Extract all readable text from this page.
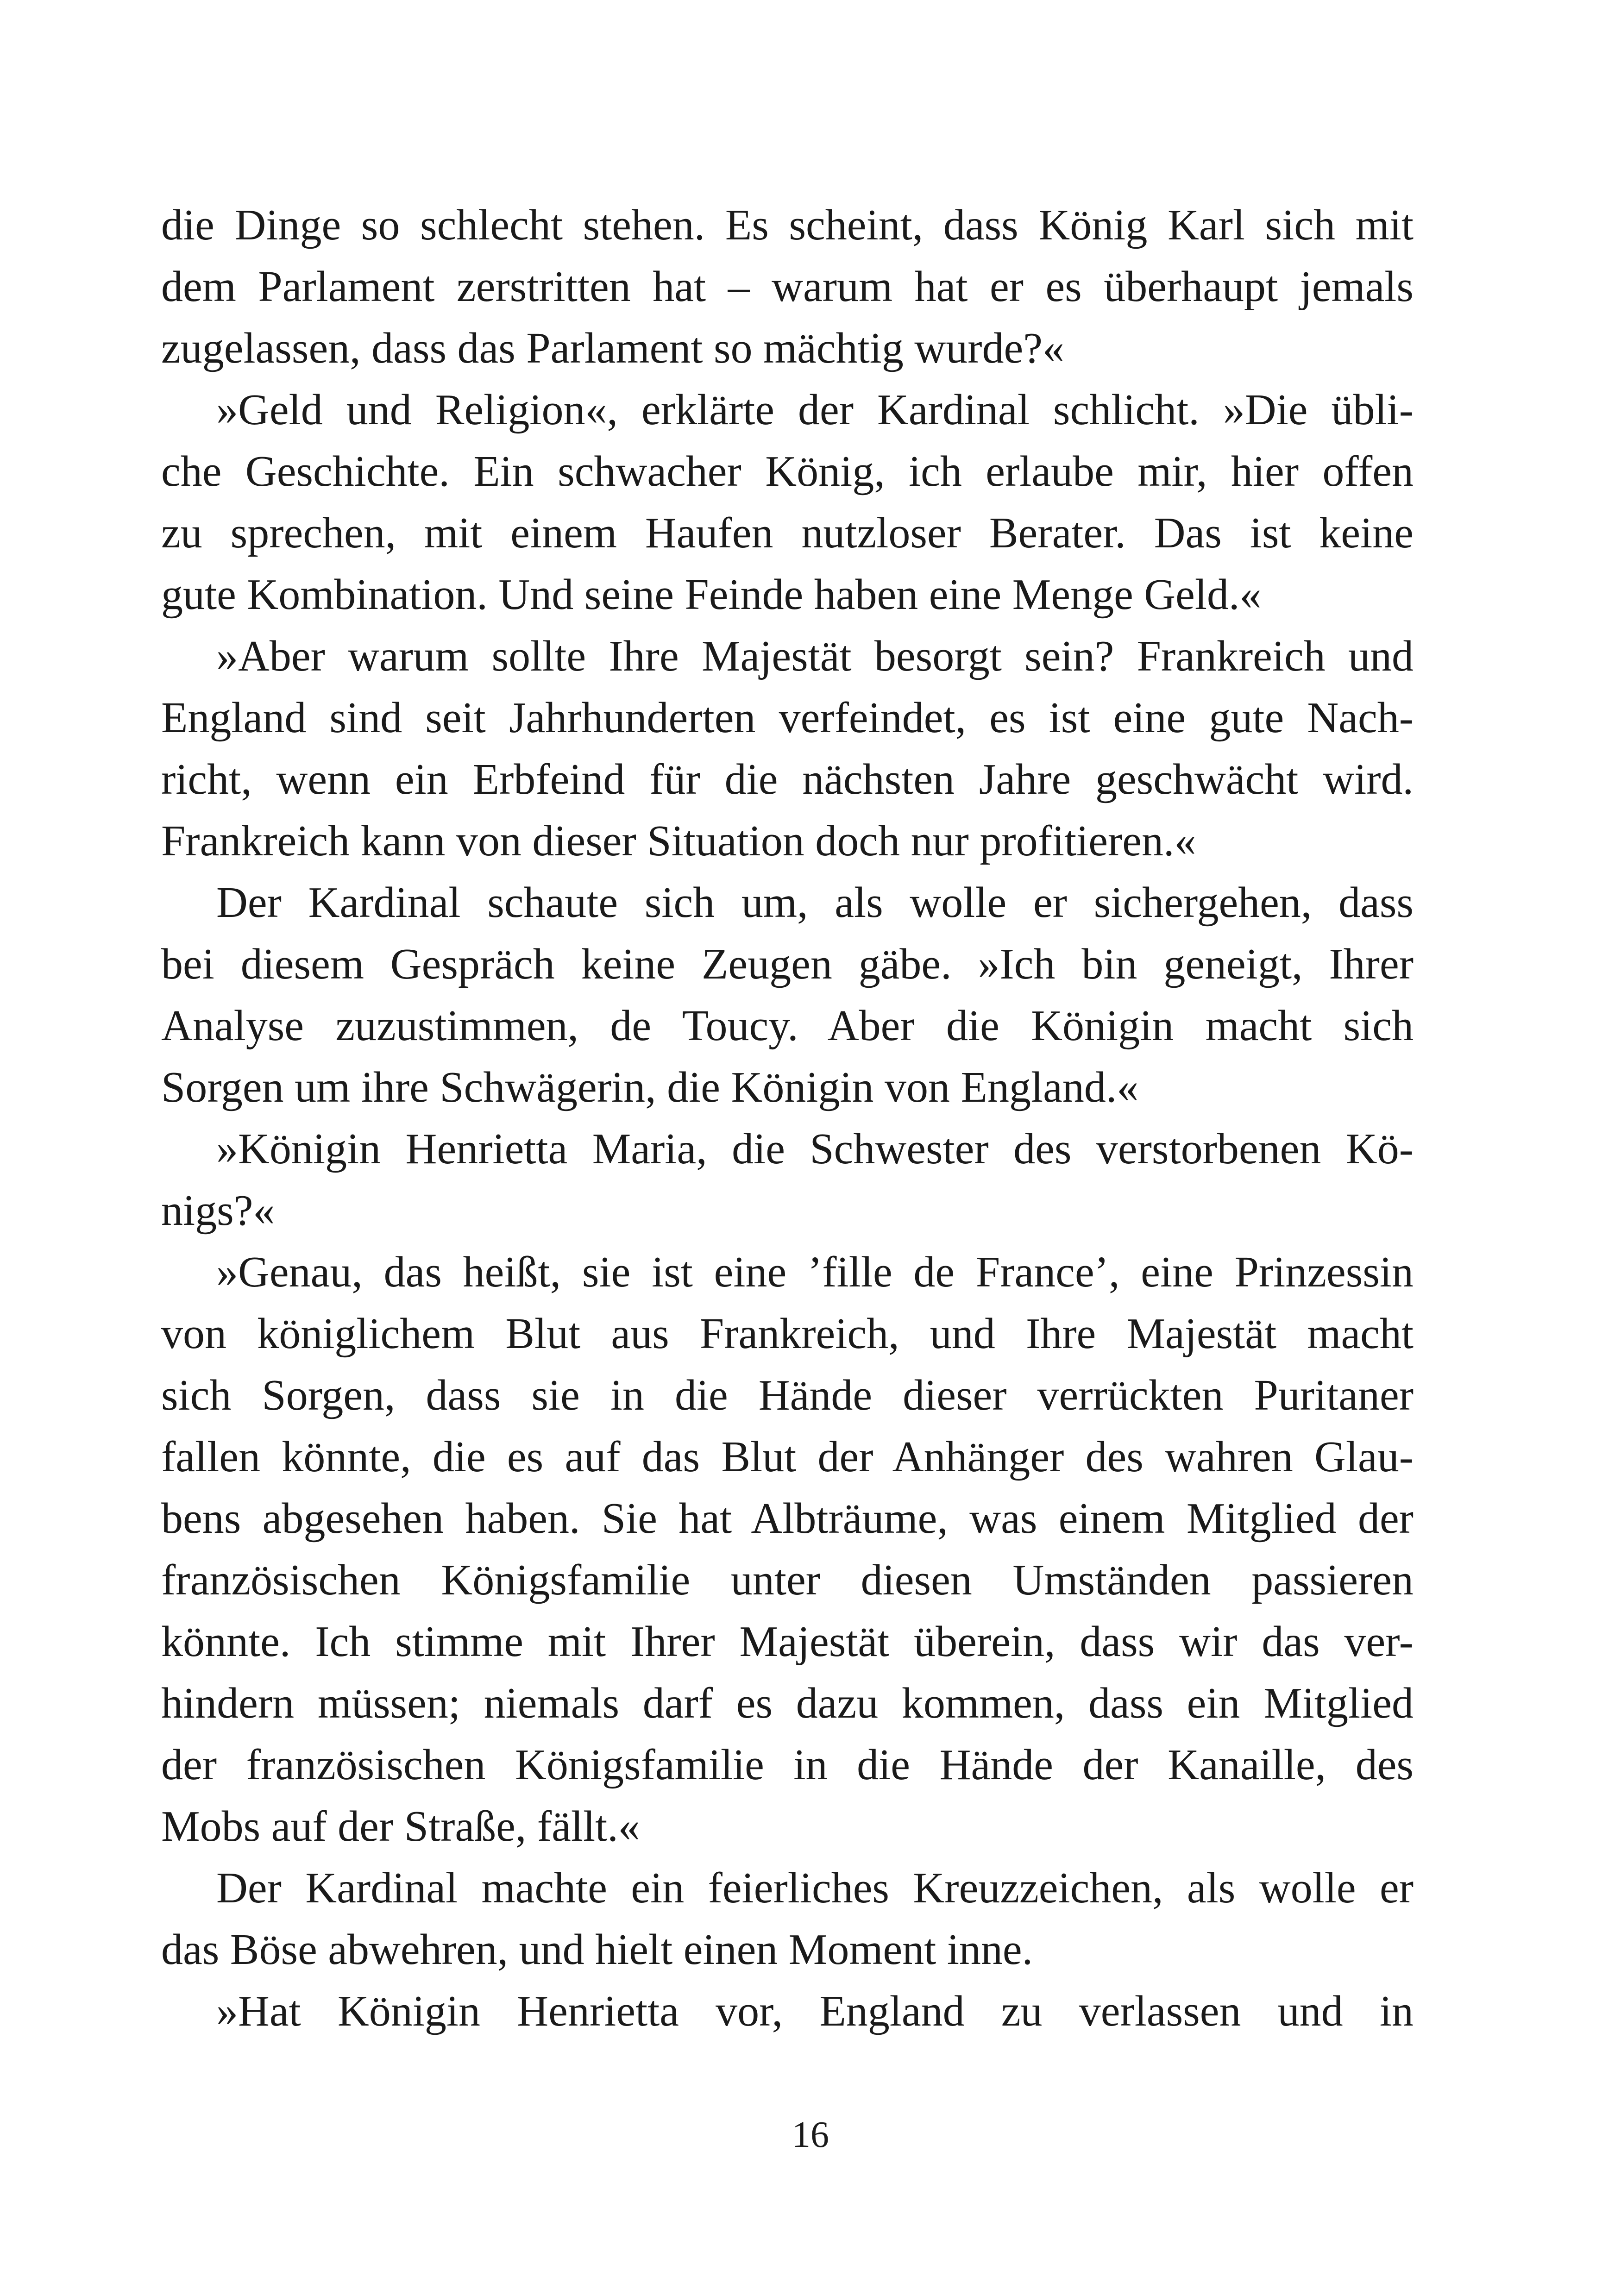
die Dinge so schlecht stehen. Es scheint, dass König Karl sich mit
dem Parlament zerstritten hat – warum hat er es überhaupt jemals
zugelassen, dass das Parlament so mächtig wurde?«
»Geld und Religion«, erklärte der Kardinal schlicht. »Die übli-
che Geschichte. Ein schwacher König, ich erlaube mir, hier offen
zu sprechen, mit einem Haufen nutzloser Berater. Das ist keine
gute Kombination. Und seine Feinde haben eine Menge Geld.«
»Aber warum sollte Ihre Majestät besorgt sein? Frankreich und
England sind seit Jahrhunderten verfeindet, es ist eine gute Nach-
richt, wenn ein Erbfeind für die nächsten Jahre geschwächt wird.
Frankreich kann von dieser Situation doch nur profitieren.«
Der Kardinal schaute sich um, als wolle er sichergehen, dass
bei diesem Gespräch keine Zeugen gäbe. »Ich bin geneigt, Ihrer
Analyse zuzustimmen, de Toucy. Aber die Königin macht sich
Sorgen um ihre Schwägerin, die Königin von England.«
»Königin Henrietta Maria, die Schwester des verstorbenen Kö-
nigs?«
»Genau, das heißt, sie ist eine ’fille de France’, eine Prinzessin
von königlichem Blut aus Frankreich, und Ihre Majestät macht
sich Sorgen, dass sie in die Hände dieser verrückten Puritaner
fallen könnte, die es auf das Blut der Anhänger des wahren Glau-
bens abgesehen haben. Sie hat Albträume, was einem Mitglied der
französischen Königsfamilie unter diesen Umständen passieren
könnte. Ich stimme mit Ihrer Majestät überein, dass wir das ver-
hindern müssen; niemals darf es dazu kommen, dass ein Mitglied
der französischen Königsfamilie in die Hände der Kanaille, des
Mobs auf der Straße, fällt.«
Der Kardinal machte ein feierliches Kreuzzeichen, als wolle er
das Böse abwehren, und hielt einen Moment inne.
»Hat Königin Henrietta vor, England zu verlassen und in
16
